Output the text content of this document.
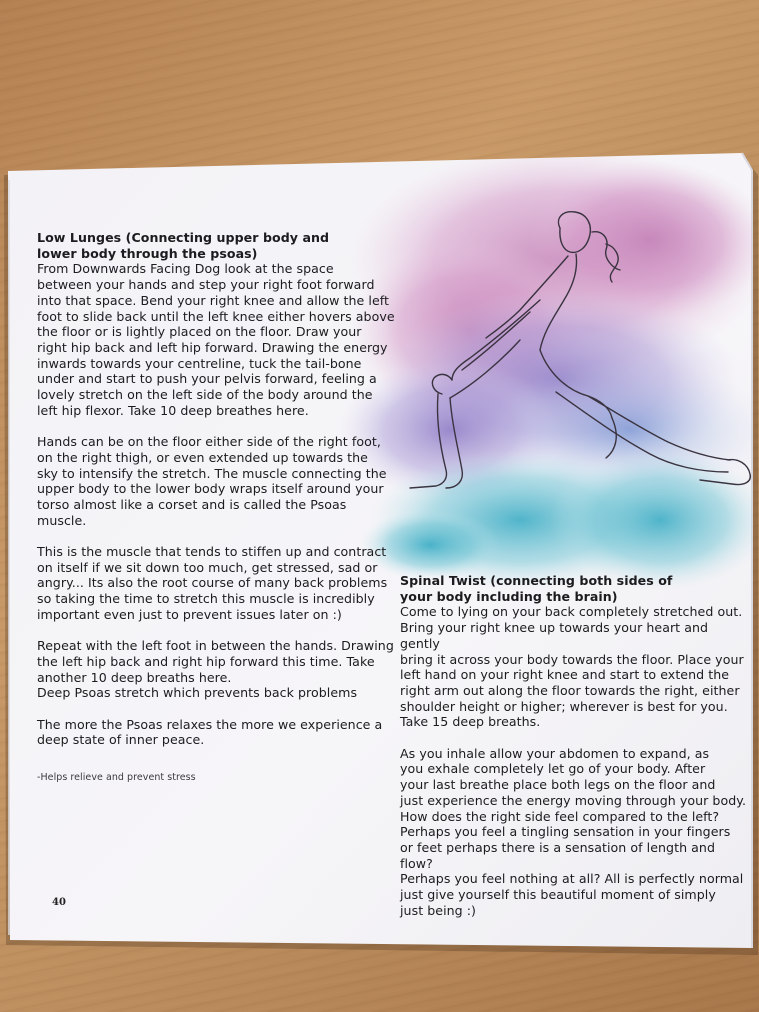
Low Lunges (Connecting upper body and

lower body through the psoas)

From Downwards Facing Dog look at the space

between your hands and step your right foot forward

into that space. Bend your right knee and allow the left

foot to slide back until the left knee either hovers above

the floor or is lightly placed on the floor. Draw your

right hip back and left hip forward. Drawing the energy

inwards towards your centreline, tuck the tail-bone

under and start to push your pelvis forward, feeling a

lovely stretch on the left side of the body around the

left hip flexor. Take 10 deep breathes here.

Hands can be on the floor either side of the right foot,

on the right thigh, or even extended up towards the

sky to intensify the stretch. The muscle connecting the

upper body to the lower body wraps itself around your

torso almost like a corset and is called the Psoas muscle.

This is the muscle that tends to stiffen up and contract

on itself if we sit down too much, get stressed, sad or

angry... Its also the root course of many back problems

so taking the time to stretch this muscle is incredibly

important even just to prevent issues later on :)

Repeat with the left foot in between the hands. Drawing

the left hip back and right hip forward this time. Take

another 10 deep breaths here.

Deep Psoas stretch which prevents back problems

The more the Psoas relaxes the more we experience a

deep state of inner peace.

-Helps relieve and prevent stress

Spinal Twist (connecting both sides of

your body including the brain)

Come to lying on your back completely stretched out.

Bring your right knee up towards your heart and gently

bring it across your body towards the floor. Place your

left hand on your right knee and start to extend the

right arm out along the floor towards the right, either

shoulder height or higher; wherever is best for you.

Take 15 deep breaths.

As you inhale allow your abdomen to expand, as

you exhale completely let go of your body. After

your last breathe place both legs on the floor and

just experience the energy moving through your body.

How does the right side feel compared to the left?

Perhaps you feel a tingling sensation in your fingers

or feet perhaps there is a sensation of length and flow?

Perhaps you feel nothing at all? All is perfectly normal

just give yourself this beautiful moment of simply

just being :)

40
